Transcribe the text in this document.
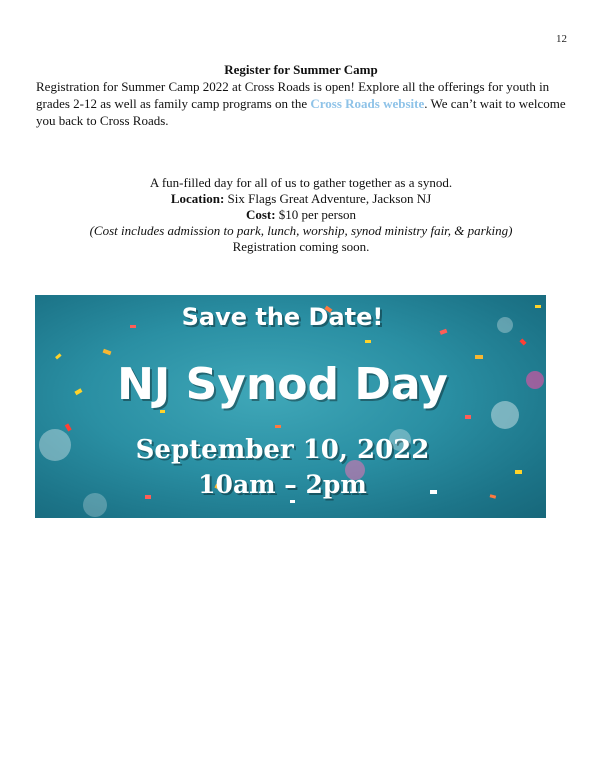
12

Register for Summer Camp

Registration for Summer Camp 2022 at Cross Roads is open! Explore all the offerings for youth in grades 2-12 as well as family camp programs on the Cross Roads website. We can’t wait to welcome you back to Cross Roads.

A fun-filled day for all of us to gather together as a synod.

Location: Six Flags Great Adventure, Jackson NJ

Cost: $10 per person

(Cost includes admission to park, lunch, worship, synod ministry fair, & parking)

Registration coming soon.

Save the Date!
NJ Synod Day
September 10, 2022
10am – 2pm
